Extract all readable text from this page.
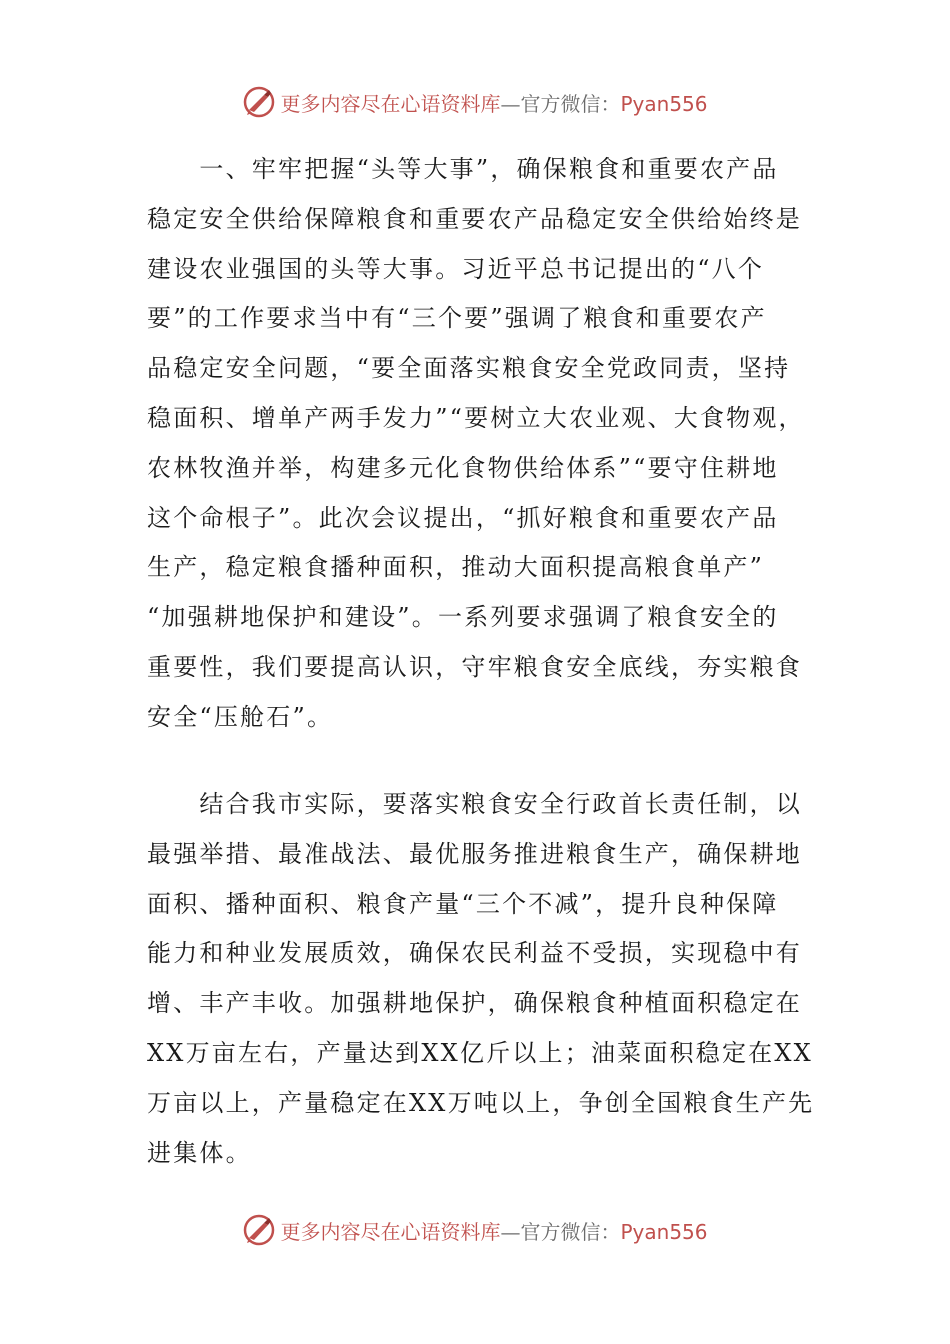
更多内容尽在心语资料库—官方微信：Pyan556
　　一、牢牢把握“头等大事”，确保粮食和重要农产品
稳定安全供给保障粮食和重要农产品稳定安全供给始终是
建设农业强国的头等大事。习近平总书记提出的“八个
要”的工作要求当中有“三个要”强调了粮食和重要农产
品稳定安全问题，“要全面落实粮食安全党政同责，坚持
稳面积、增单产两手发力”“要树立大农业观、大食物观，
农林牧渔并举，构建多元化食物供给体系”“要守住耕地
这个命根子”。此次会议提出，“抓好粮食和重要农产品
生产，稳定粮食播种面积，推动大面积提高粮食单产”
“加强耕地保护和建设”。一系列要求强调了粮食安全的
重要性，我们要提高认识，守牢粮食安全底线，夯实粮食
安全“压舱石”。
　　结合我市实际，要落实粮食安全行政首长责任制，以
最强举措、最准战法、最优服务推进粮食生产，确保耕地
面积、播种面积、粮食产量“三个不减”，提升良种保障
能力和种业发展质效，确保农民利益不受损，实现稳中有
增、丰产丰收。加强耕地保护，确保粮食种植面积稳定在
XX万亩左右，产量达到XX亿斤以上；油菜面积稳定在XX
万亩以上，产量稳定在XX万吨以上，争创全国粮食生产先
进集体。
更多内容尽在心语资料库—官方微信：Pyan556
